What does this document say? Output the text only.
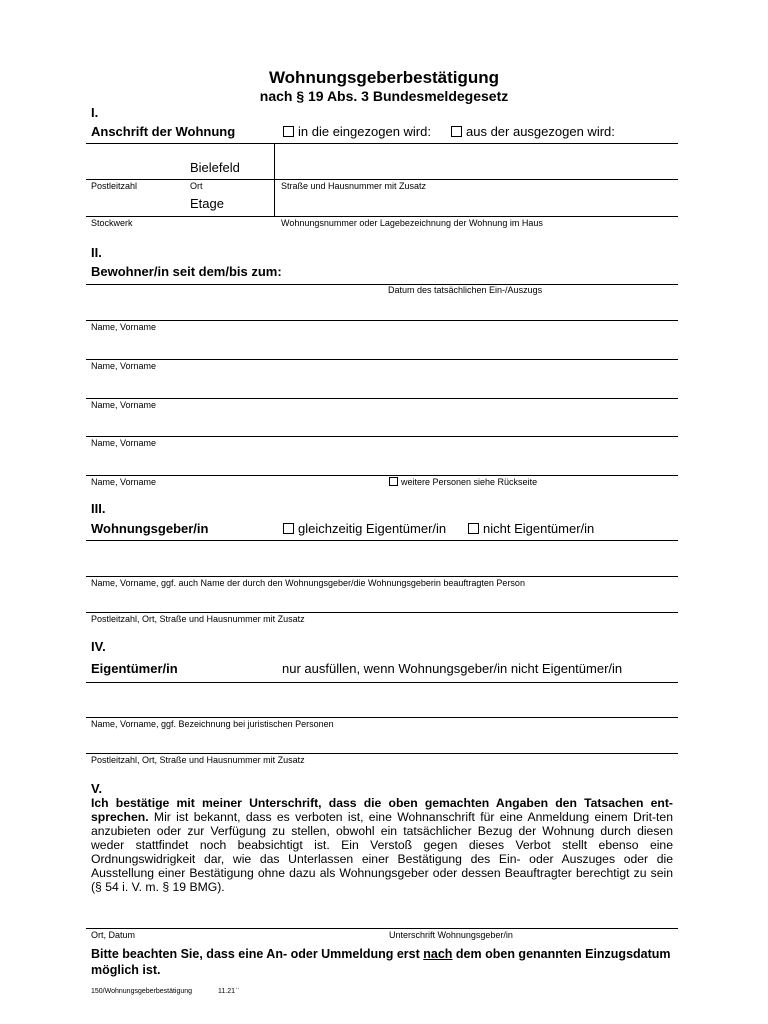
Wohnungsgeberbestätigung
nach § 19 Abs. 3 Bundesmeldegesetz
I.
Anschrift der Wohnung	in die eingezogen wird:	aus der ausgezogen wird:
Bielefeld
Postleitzahl	Ort	Straße und Hausnummer mit Zusatz
Etage
Stockwerk	Wohnungsnummer oder Lagebezeichnung der Wohnung im Haus
II.
Bewohner/in seit dem/bis zum:
Datum des tatsächlichen Ein-/Auszugs
Name, Vorname
Name, Vorname
Name, Vorname
Name, Vorname
Name, Vorname	weitere Personen siehe Rückseite
III.
Wohnungsgeber/in	gleichzeitig Eigentümer/in	nicht Eigentümer/in
Name, Vorname, ggf. auch Name der durch den Wohnungsgeber/die Wohnungsgeberin beauftragten Person
Postleitzahl, Ort, Straße und Hausnummer mit Zusatz
IV.
Eigentümer/in	nur ausfüllen, wenn Wohnungsgeber/in nicht Eigentümer/in
Name, Vorname, ggf. Bezeichnung bei juristischen Personen
Postleitzahl, Ort, Straße und Hausnummer mit Zusatz
V.
Ich bestätige mit meiner Unterschrift, dass die oben gemachten Angaben den Tatsachen ent-sprechen. Mir ist bekannt, dass es verboten ist, eine Wohnanschrift für eine Anmeldung einem Drit-ten anzubieten oder zur Verfügung zu stellen, obwohl ein tatsächlicher Bezug der Wohnung durch diesen weder stattfindet noch beabsichtigt ist. Ein Verstoß gegen dieses Verbot stellt ebenso eine Ordnungswidrigkeit dar, wie das Unterlassen einer Bestätigung des Ein- oder Auszuges oder die Ausstellung einer Bestätigung ohne dazu als Wohnungsgeber oder dessen Beauftragter berechtigt zu sein (§ 54 i. V. m. § 19 BMG).
Ort, Datum	Unterschrift Wohnungsgeber/in
Bitte beachten Sie, dass eine An- oder Ummeldung erst nach dem oben genannten Einzugsdatum möglich ist.
150/Wohnungsgeberbestätigung	11.21ˈˈ
